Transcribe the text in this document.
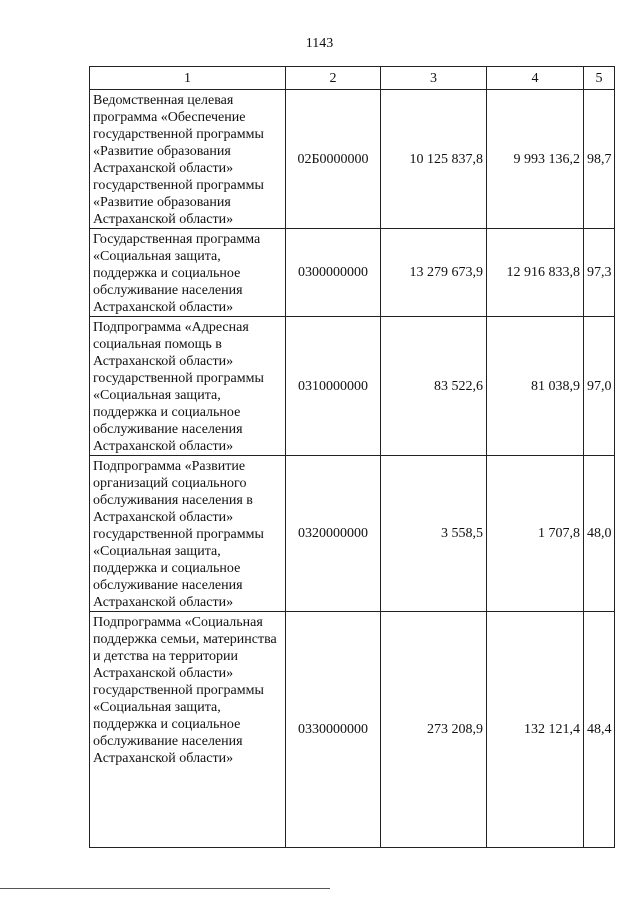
1143
1	2	3	4	5
Ведомственная целевая программа «Обеспечение государственной программы «Развитие образования Астраханской области» государственной программы «Развитие образования Астраханской области»	02Б0000000	10 125 837,8	9 993 136,2	98,7
Государственная программа «Социальная защита, поддержка и социальное обслуживание населения Астраханской области»	0300000000	13 279 673,9	12 916 833,8	97,3
Подпрограмма «Адресная социальная помощь в Астраханской области» государственной программы «Социальная защита, поддержка и социальное обслуживание населения Астраханской области»	0310000000	83 522,6	81 038,9	97,0
Подпрограмма «Развитие организаций социального обслуживания населения в Астраханской области» государственной программы «Социальная защита, поддержка и социальное обслуживание населения Астраханской области»	0320000000	3 558,5	1 707,8	48,0
Подпрограмма «Социальная поддержка семьи, материнства и детства на территории Астраханской области» государственной программы «Социальная защита, поддержка и социальное обслуживание населения Астраханской области»	0330000000	273 208,9	132 121,4	48,4
